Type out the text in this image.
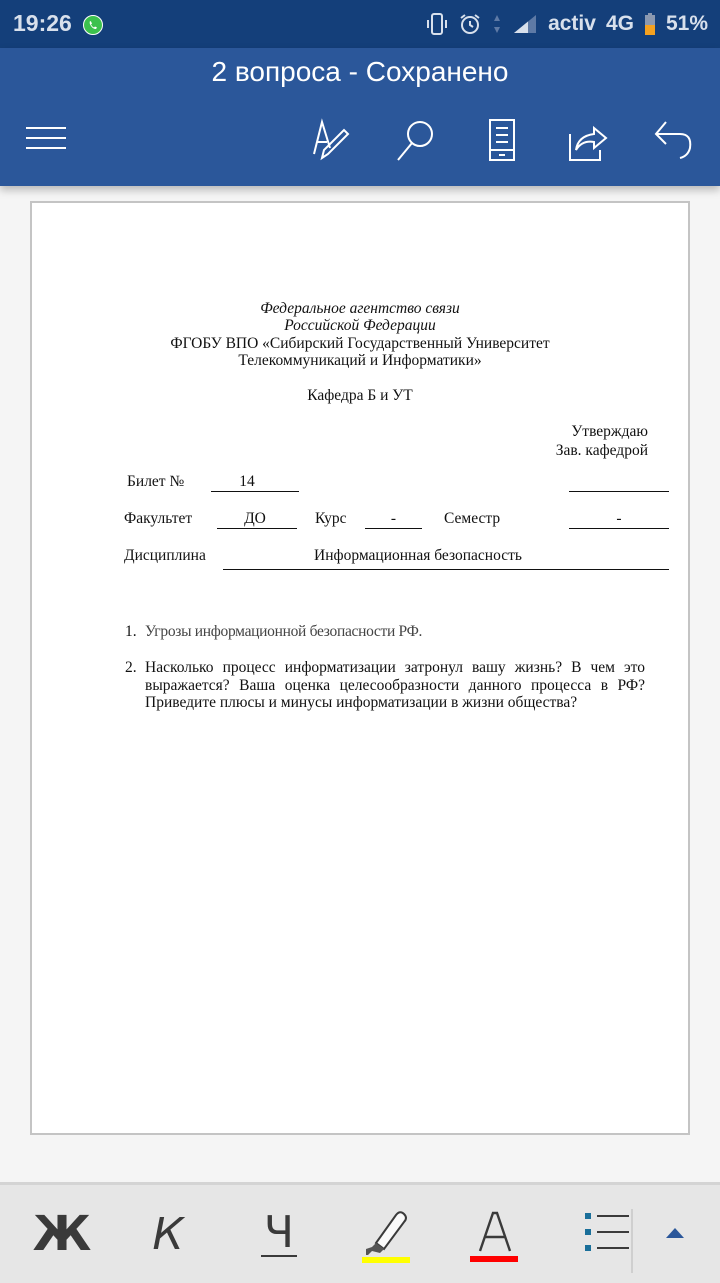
19:26	activ 4G 51%
2 вопроса - Сохранено
Федеральное агентство связи
Российской Федерации
ФГОБУ ВПО «Сибирский Государственный Университет
Телекоммуникаций и Информатики»
Кафедра Б и УТ
Утверждаю
Зав. кафедрой
Билет №	14
Факультет	ДО	Курс	-	Семестр	-
Дисциплина	Информационная безопасность
1. Угрозы информационной безопасности РФ.
2. Насколько процесс информатизации затронул вашу жизнь? В чем это выражается? Ваша оценка целесообразности данного процесса в РФ? Приведите плюсы и минусы информатизации в жизни общества?
Ж К Ч
